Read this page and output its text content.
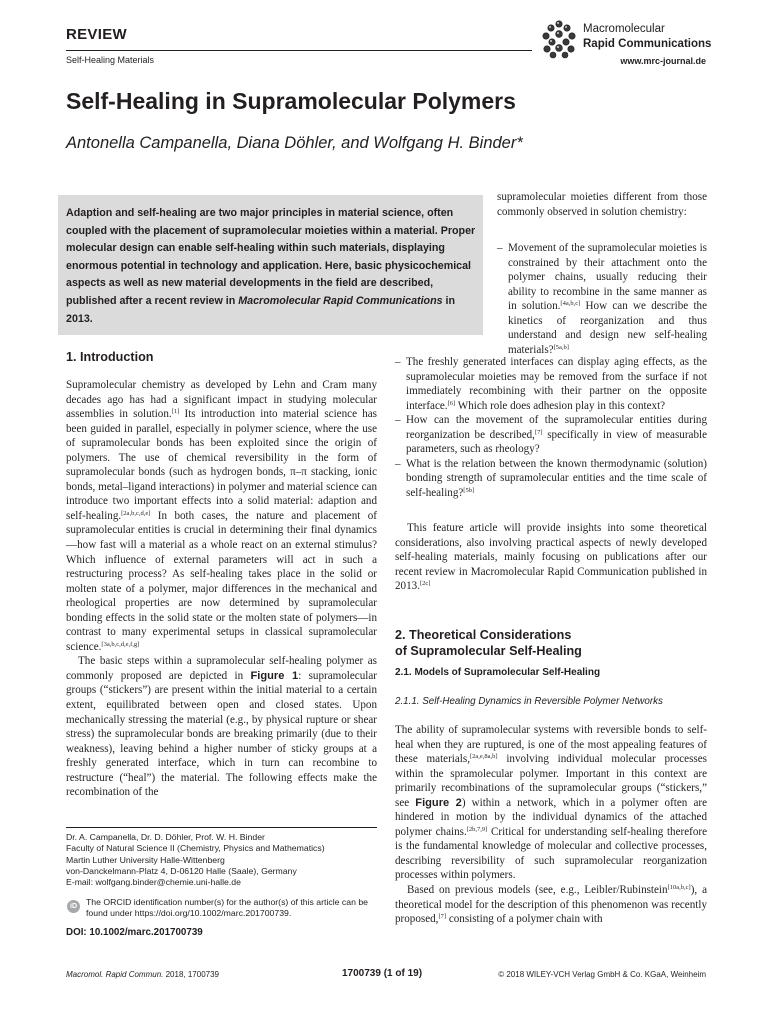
REVIEW
Self-Healing Materials
Macromolecular
Rapid Communications
www.mrc-journal.de
Self-Healing in Supramolecular Polymers
Antonella Campanella, Diana Döhler, and Wolfgang H. Binder*
Adaption and self-healing are two major principles in material science, often coupled with the placement of supramolecular moieties within a material. Proper molecular design can enable self-healing within such materials, displaying enormous potential in technology and application. Here, basic physicochemical aspects as well as new material developments in the field are described, published after a recent review in Macromolecular Rapid Communications in 2013.
1. Introduction

Supramolecular chemistry as developed by Lehn and Cram many decades ago has had a significant impact in studying molecular assemblies in solution.[1] Its introduction into material science has been guided in parallel, especially in polymer science, where the use of supramolecular bonds has been exploited since the origin of polymers. The use of chemical reversibility in the form of supramolecular bonds (such as hydrogen bonds, π–π stacking, ionic bonds, metal–ligand interactions) in polymer and material science can introduce two important effects into a solid material: adaption and self-healing.[2a,b,c,d,e] In both cases, the nature and placement of supramolecular entities is crucial in determining their final dynamics—how fast will a material as a whole react on an external stimulus? Which influence of external parameters will act in such a restructuring process? As self-healing takes place in the solid or molten state of a polymer, major differences in the mechanical and rheological properties are now determined by supramolecular bonding effects in the solid state or the molten state of polymers—in contrast to many experimental setups in classical supramolecular science.[3a,b,c,d,e,f,g]

The basic steps within a supramolecular self-healing polymer as commonly proposed are depicted in Figure 1: supramolecular groups (“stickers”) are present within the initial material to a certain extent, equilibrated between open and closed states. Upon mechanically stressing the material (e.g., by physical rupture or shear stress) the supramolecular bonds are breaking primarily (due to their weakness), leaving behind a higher number of sticky groups at a freshly generated interface, which in turn can recombine to restructure (“heal”) the material. The following effects make the recombination of the

Dr. A. Campanella, Dr. D. Döhler, Prof. W. H. Binder
Faculty of Natural Science II (Chemistry, Physics and Mathematics)
Martin Luther University Halle-Wittenberg
von-Danckelmann-Platz 4, D-06120 Halle (Saale), Germany
E-mail: wolfgang.binder@chemie.uni-halle.de
iD	The ORCID identification number(s) for the author(s) of this article can be found under https://doi.org/10.1002/marc.201700739.
DOI: 10.1002/marc.201700739
supramolecular moieties different from those commonly observed in solution chemistry:
– Movement of the supramolecular moieties is constrained by their attachment onto the polymer chains, usually reducing their ability to recombine in the same manner as in solution.[4a,b,c] How can we describe the kinetics of reorganization and thus understand and design new self-healing materials?[5a,b]
– The freshly generated interfaces can display aging effects, as the supramolecular moieties may be removed from the surface if not immediately recombining with their partner on the opposite interface.[6] Which role does adhesion play in this context?
– How can the movement of the supramolecular entities during reorganization be described,[7] specifically in view of measurable parameters, such as rheology?
– What is the relation between the known thermodynamic (solution) bonding strength of supramolecular entities and the time scale of self-healing?[5b]

This feature article will provide insights into some theoretical considerations, also involving practical aspects of newly developed self-healing materials, mainly focusing on publications after our recent review in Macromolecular Rapid Communication published in 2013.[2c]

2. Theoretical Considerations
of Supramolecular Self-Healing
2.1. Models of Supramolecular Self-Healing
2.1.1. Self-Healing Dynamics in Reversible Polymer Networks

The ability of supramolecular systems with reversible bonds to self-heal when they are ruptured, is one of the most appealing features of these materials,[2a,e,8a,b] involving individual molecular processes within the spramolecular polymer. Important in this context are primarily recombinations of the supramolecular groups (“stickers,” see Figure 2) within a network, which in a polymer often are hindered in motion by the individual dynamics of the attached polymer chains.[2b,7,9] Critical for understanding self-healing therefore is the fundamental knowledge of molecular and collective processes, describing reversibility of such supramolecular reorganization processes within polymers.

Based on previous models (see, e.g., Leibler/Rubinstein[10a,b,c]), a theoretical model for the description of this phenomenon was recently proposed,[7] consisting of a polymer chain with

Macromol. Rapid Commun. 2018, 1700739	1700739 (1 of 19)	© 2018 WILEY-VCH Verlag GmbH & Co. KGaA, Weinheim
